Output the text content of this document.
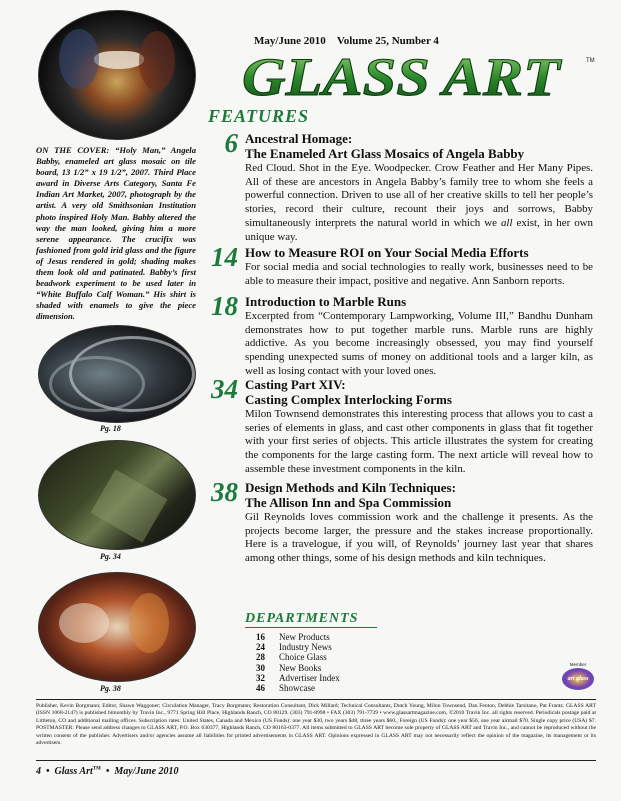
ON THE COVER: “Holy Man,” Angela Babby, enameled art glass mosaic on tile board, 13 1/2” x 19 1/2”, 2007. Third Place award in Diverse Arts Category, Santa Fe Indian Art Market, 2007, photograph by the artist. A very old Smithsonian Institution photo inspired Holy Man. Babby altered the way the man looked, giving him a more serene appearance. The crucifix was fashioned from gold irid glass and the figure of Jesus rendered in gold; shading makes them look old and patinated. Babby’s first beadwork experiment to be used later in “White Buffalo Calf Woman.” His shirt is shaded with enamels to give the piece dimension.
Pg. 18
Pg. 34
Pg. 38
May/June 2010 Volume 25, Number 4
GLASS ART	TM
FEATURES
6 Ancestral Homage:
The Enameled Art Glass Mosaics of Angela Babby
Red Cloud. Shot in the Eye. Woodpecker. Crow Feather and Her Many Pipes. All of these are ancestors in Angela Babby’s family tree to whom she feels a powerful connection. Driven to use all of her creative skills to tell her people’s stories, record their culture, recount their joys and sorrows, Babby simultaneously interprets the natural world in which we all exist, in her own unique way.
14 How to Measure ROI on Your Social Media Efforts
For social media and social technologies to really work, businesses need to be able to measure their impact, positive and negative. Ann Sanborn reports.
18 Introduction to Marble Runs
Excerpted from “Contemporary Lampworking, Volume III,” Bandhu Dunham demonstrates how to put together marble runs. Marble runs are highly addictive. As you become increasingly obsessed, you may find yourself spending unexpected sums of money on additional tools and a larger kiln, as well as losing contact with your loved ones.
34 Casting Part XIV:
Casting Complex Interlocking Forms
Milon Townsend demonstrates this interesting process that allows you to cast a series of elements in glass, and cast other components in glass that fit together with your first series of objects. This article illustrates the system for creating the components for the large casting form. The next article will reveal how to assemble these investment components in the kiln.
38 Design Methods and Kiln Techniques:
The Allison Inn and Spa Commission
Gil Reynolds loves commission work and the challenge it presents. As the projects become larger, the pressure and the stakes increase proportionally. Here is a travelogue, if you will, of Reynolds’ journey last year that shares among other things, some of his design methods and kiln techniques.
DEPARTMENTS
16 New Products
24 Industry News
28 Choice Glass
30 New Books
32 Advertiser Index
46 Showcase
Member
art glass
Publisher, Kevin Borgmann; Editor, Shawn Waggoner; Circulation Manager, Tracy Borgmann; Restoration Consultant, Dick Millard; Technical Consultants, Dutch Young, Milon Townsend, Dan Fenton, Debbie Tarsitano, Pat Frantz. GLASS ART (ISSN 1068-2147) is published bimonthly by Travin Inc., 9771 Spring Hill Place, Highlands Ranch, CO 80129. (303) 791-8998 • FAX (303) 791-7739 • www.glassartmagazine.com, ©2010 Travin Inc. all rights reserved. Periodicals postage paid at Littleton, CO and additional mailing offices. Subscription rates: United States, Canada and Mexico (US Funds): one year $30, two years $48, three years $60., Foreign (US Funds): one year $56, one year airmail $70. Single copy price (USA) $7. POSTMASTER: Please send address changes to GLASS ART, P.O. Box 630377, Highlands Ranch, CO 80163-0377. All items submitted to GLASS ART become sole property of GLASS ART and Travin Inc., and cannot be reproduced without the written consent of the publisher. Advertisers and/or agencies assume all liabilities for printed advertisements in GLASS ART. Opinions expressed in GLASS ART may not necessarily reflect the opinion of the magazine, its management or its advertisers.
4  •  Glass Art™  •  May/June 2010
